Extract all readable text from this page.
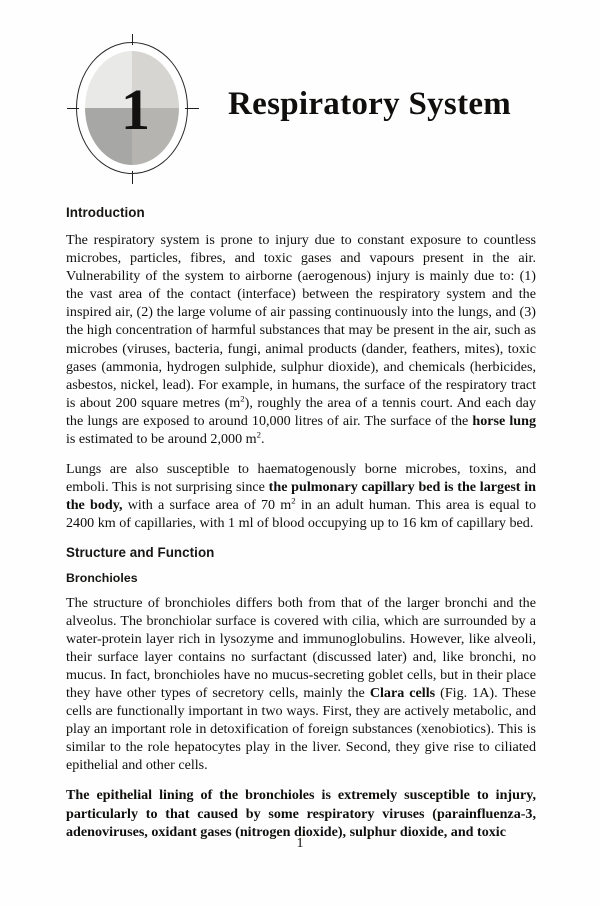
1	Respiratory System
Introduction

The respiratory system is prone to injury due to constant exposure to countless microbes, particles, fibres, and toxic gases and vapours present in the air. Vulnerability of the system to airborne (aerogenous) injury is mainly due to: (1) the vast area of the contact (interface) between the respiratory system and the inspired air, (2) the large volume of air passing continuously into the lungs, and (3) the high concentration of harmful substances that may be present in the air, such as microbes (viruses, bacteria, fungi, animal products (dander, feathers, mites), toxic gases (ammonia, hydrogen sulphide, sulphur dioxide), and chemicals (herbicides, asbestos, nickel, lead). For example, in humans, the surface of the respiratory tract is about 200 square metres $(m^2)$, roughly the area of a tennis court. And each day the lungs are exposed to around 10,000 litres of air. The surface of the horse lung is estimated to be around 2,000 $m^2$.

Lungs are also susceptible to haematogenously borne microbes, toxins, and emboli. This is not surprising since the pulmonary capillary bed is the largest in the body, with a surface area of 70 $m^2$ in an adult human. This area is equal to 2400 km of capillaries, with 1 ml of blood occupying up to 16 km of capillary bed.

Structure and Function
Bronchioles

The structure of bronchioles differs both from that of the larger bronchi and the alveolus. The bronchiolar surface is covered with cilia, which are surrounded by a water-protein layer rich in lysozyme and immunoglobulins. However, like alveoli, their surface layer contains no surfactant (discussed later) and, like bronchi, no mucus. In fact, bronchioles have no mucus-secreting goblet cells, but in their place they have other types of secretory cells, mainly the Clara cells (Fig. 1A). These cells are functionally important in two ways. First, they are actively metabolic, and play an important role in detoxification of foreign substances (xenobiotics). This is similar to the role hepatocytes play in the liver. Second, they give rise to ciliated epithelial and other cells.

The epithelial lining of the bronchioles is extremely susceptible to injury, particularly to that caused by some respiratory viruses (parainfluenza-3, adenoviruses, oxidant gases (nitrogen dioxide), sulphur dioxide, and toxic

1
